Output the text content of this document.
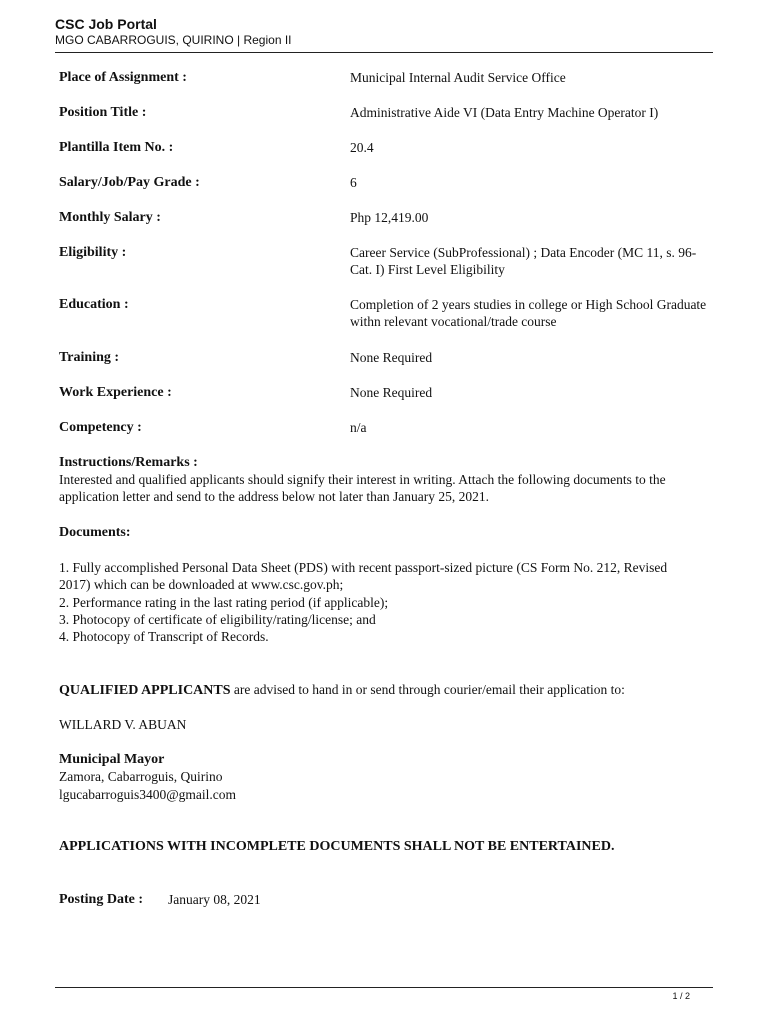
CSC Job Portal
MGO CABARROGUIS, QUIRINO | Region II
Place of Assignment :	Municipal Internal Audit Service Office
Position Title :	Administrative Aide VI (Data Entry Machine Operator I)
Plantilla Item No. :	20.4
Salary/Job/Pay Grade :	6
Monthly Salary :	Php 12,419.00
Eligibility :	Career Service (SubProfessional) ; Data Encoder (MC 11, s. 96-Cat. I) First Level Eligibility
Education :	Completion of 2 years studies in college or High School Graduate withn relevant vocational/trade course
Training :	None Required
Work Experience :	None Required
Competency :	n/a
Instructions/Remarks :
Interested and qualified applicants should signify their interest in writing. Attach the following documents to the application letter and send to the address below not later than January 25, 2021.
Documents:
1. Fully accomplished Personal Data Sheet (PDS) with recent passport-sized picture (CS Form No. 212, Revised 2017) which can be downloaded at www.csc.gov.ph;
2. Performance rating in the last rating period (if applicable);
3. Photocopy of certificate of eligibility/rating/license; and
4. Photocopy of Transcript of Records.
QUALIFIED APPLICANTS are advised to hand in or send through courier/email their application to:
WILLARD V. ABUAN
Municipal Mayor
Zamora, Cabarroguis, Quirino
lgucabarroguis3400@gmail.com
APPLICATIONS WITH INCOMPLETE DOCUMENTS SHALL NOT BE ENTERTAINED.
Posting Date : January 08, 2021
1 / 2
